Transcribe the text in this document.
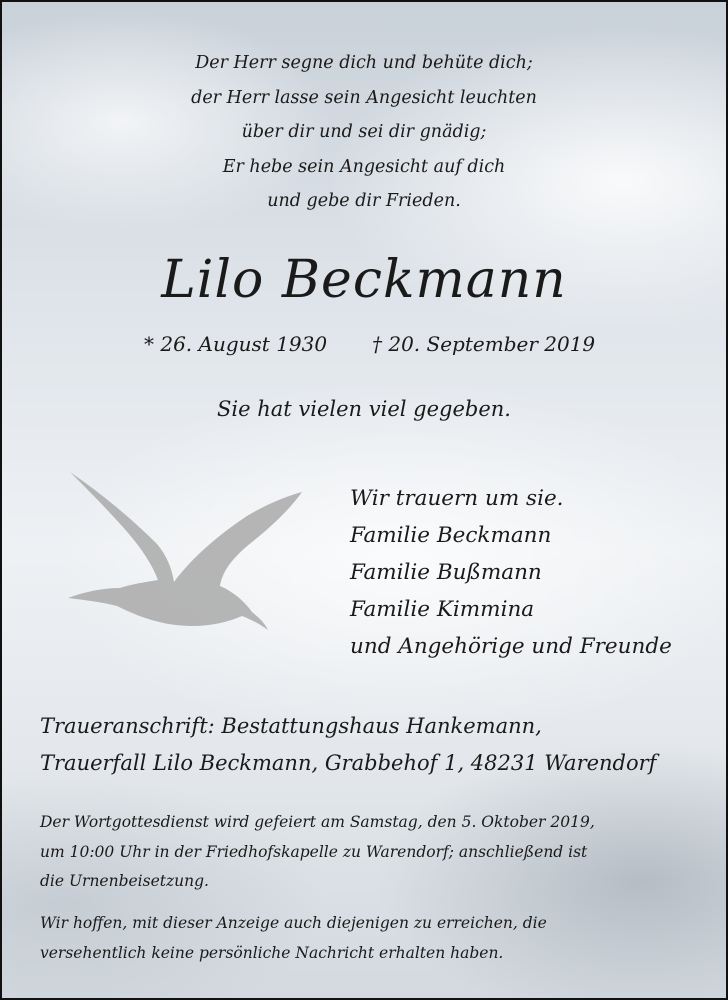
Der Herr segne dich und behüte dich;
der Herr lasse sein Angesicht leuchten
über dir und sei dir gnädig;
Er hebe sein Angesicht auf dich
und gebe dir Frieden.
Lilo Beckmann
* 26. August 1930 † 20. September 2019
Sie hat vielen viel gegeben.
Wir trauern um sie.
Familie Beckmann
Familie Bußmann
Familie Kimmina
und Angehörige und Freunde
Traueranschrift: Bestattungshaus Hankemann,
Trauerfall Lilo Beckmann, Grabbehof 1, 48231 Warendorf
Der Wortgottesdienst wird gefeiert am Samstag, den 5. Oktober 2019,
um 10:00 Uhr in der Friedhofskapelle zu Warendorf; anschließend ist
die Urnenbeisetzung.
Wir hoffen, mit dieser Anzeige auch diejenigen zu erreichen, die
versehentlich keine persönliche Nachricht erhalten haben.
